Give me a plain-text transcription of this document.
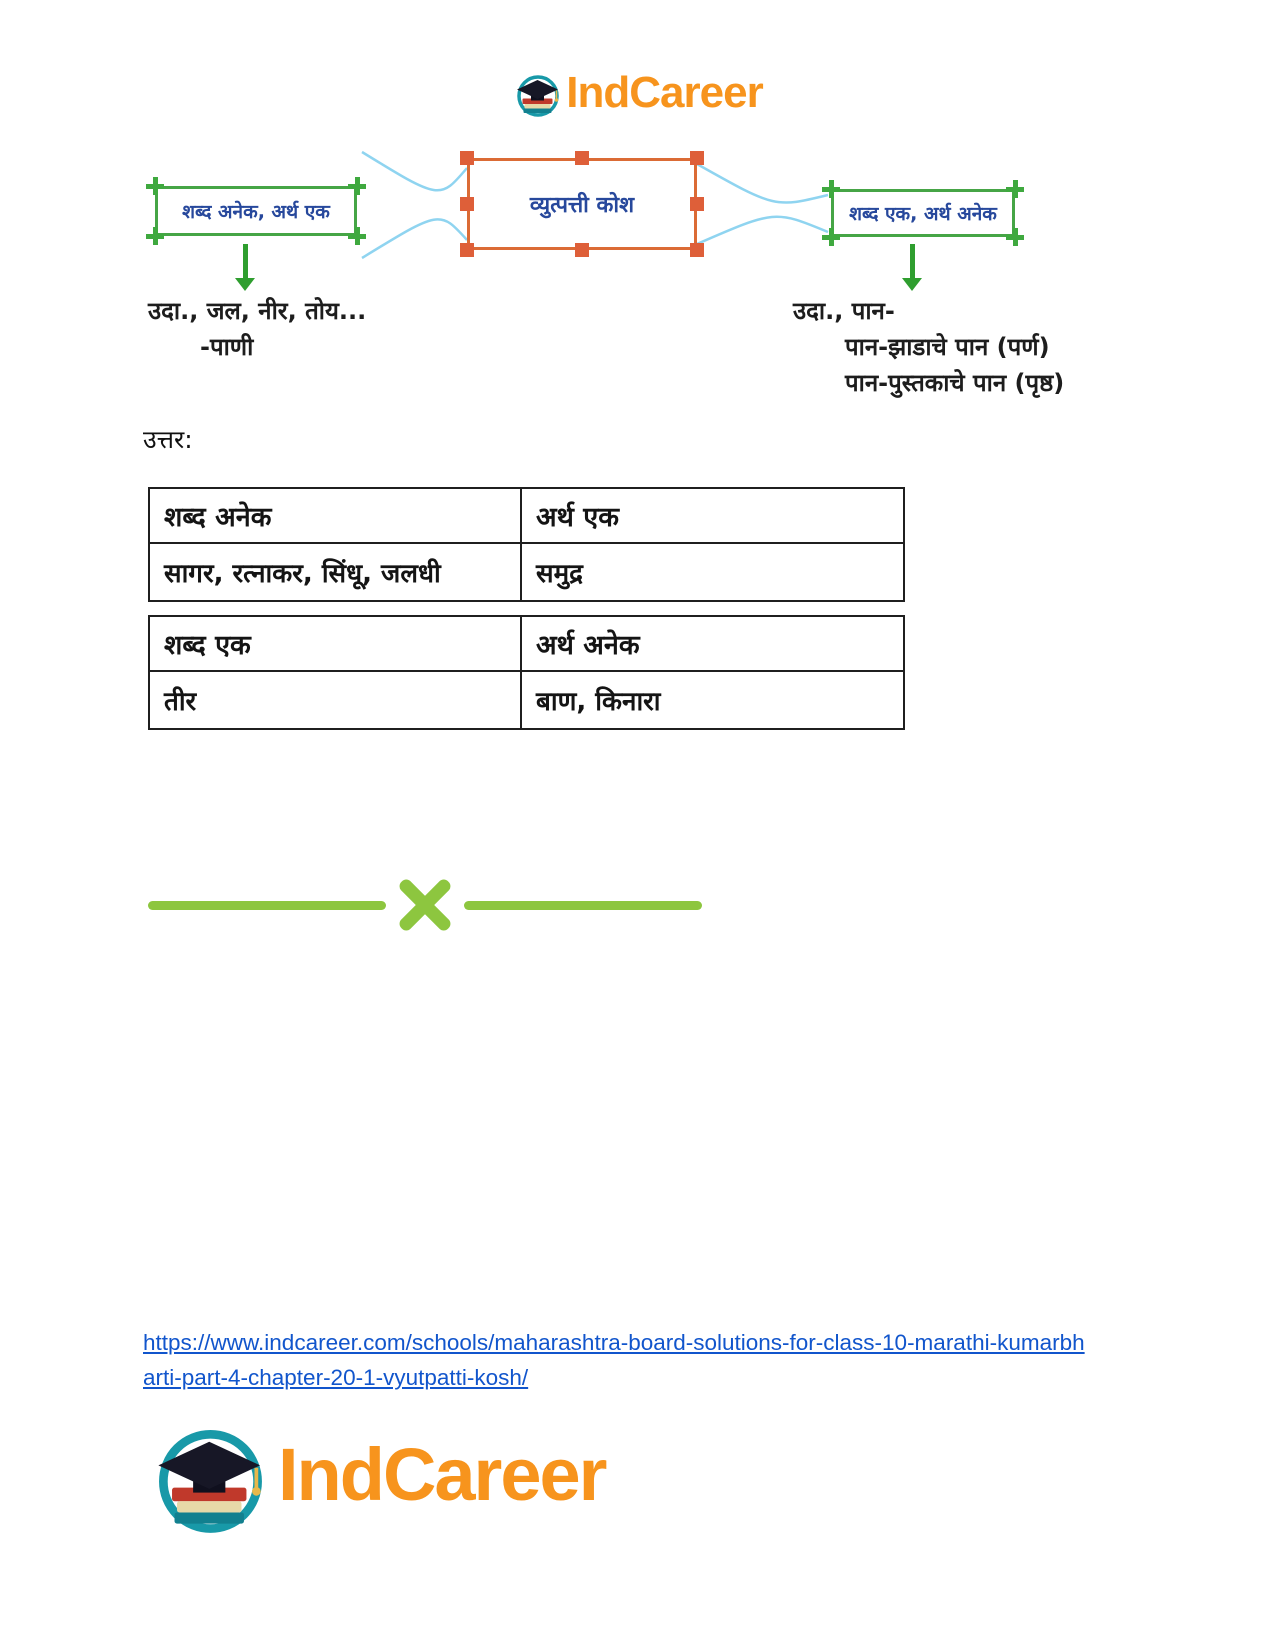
IndCareer
शब्द अनेक, अर्थ एक	व्युत्पत्ती कोश	शब्द एक, अर्थ अनेक
उदा., जल, नीर, तोय...
-पाणी
उदा., पान-
पान-झाडाचे पान (पर्ण)
पान-पुस्तकाचे पान (पृष्ठ)
उत्तर:
शब्द अनेक	अर्थ एक
सागर, रत्नाकर, सिंधू, जलधी	समुद्र
शब्द एक	अर्थ अनेक
तीर	बाण, किनारा
https://www.indcareer.com/schools/maharashtra-board-solutions-for-class-10-marathi-kumarbharti-part-4-chapter-20-1-vyutpatti-kosh/
IndCareer
